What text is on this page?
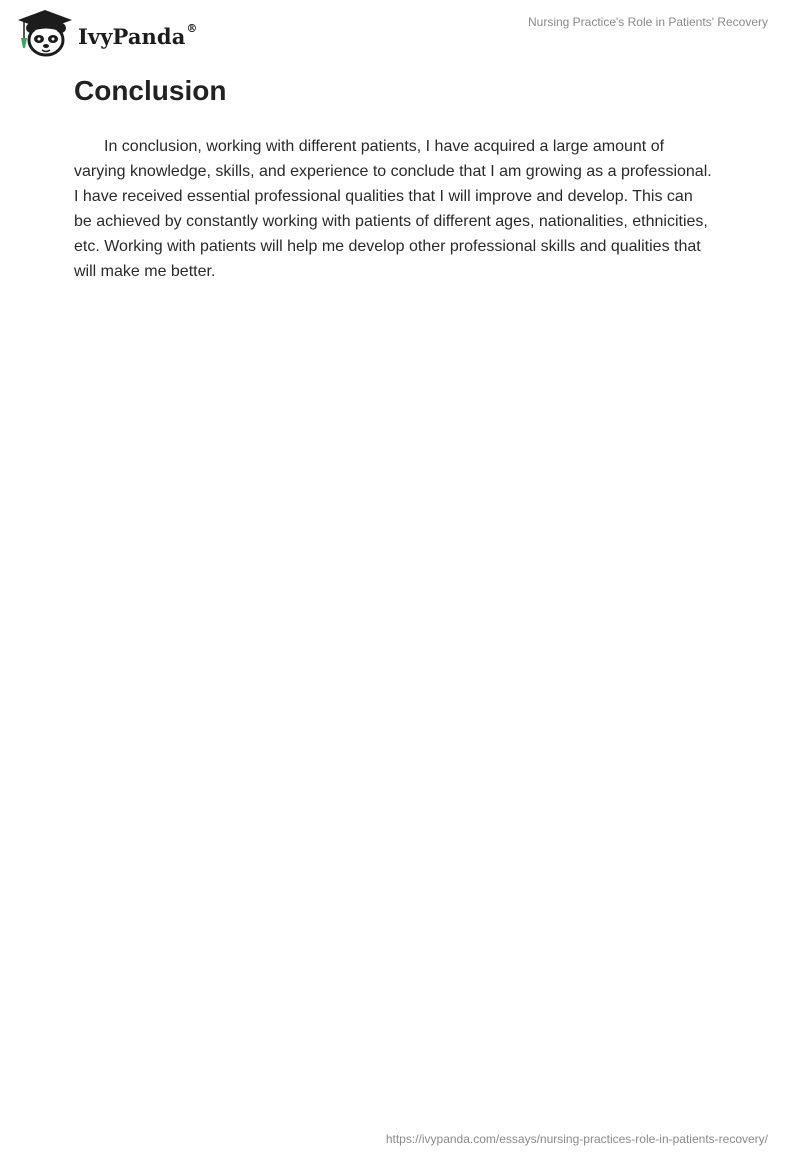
IvyPanda®	Nursing Practice's Role in Patients' Recovery
Conclusion

In conclusion, working with different patients, I have acquired a large amount of varying knowledge, skills, and experience to conclude that I am growing as a professional. I have received essential professional qualities that I will improve and develop. This can be achieved by constantly working with patients of different ages, nationalities, ethnicities, etc. Working with patients will help me develop other professional skills and qualities that will make me better.

https://ivypanda.com/essays/nursing-practices-role-in-patients-recovery/
